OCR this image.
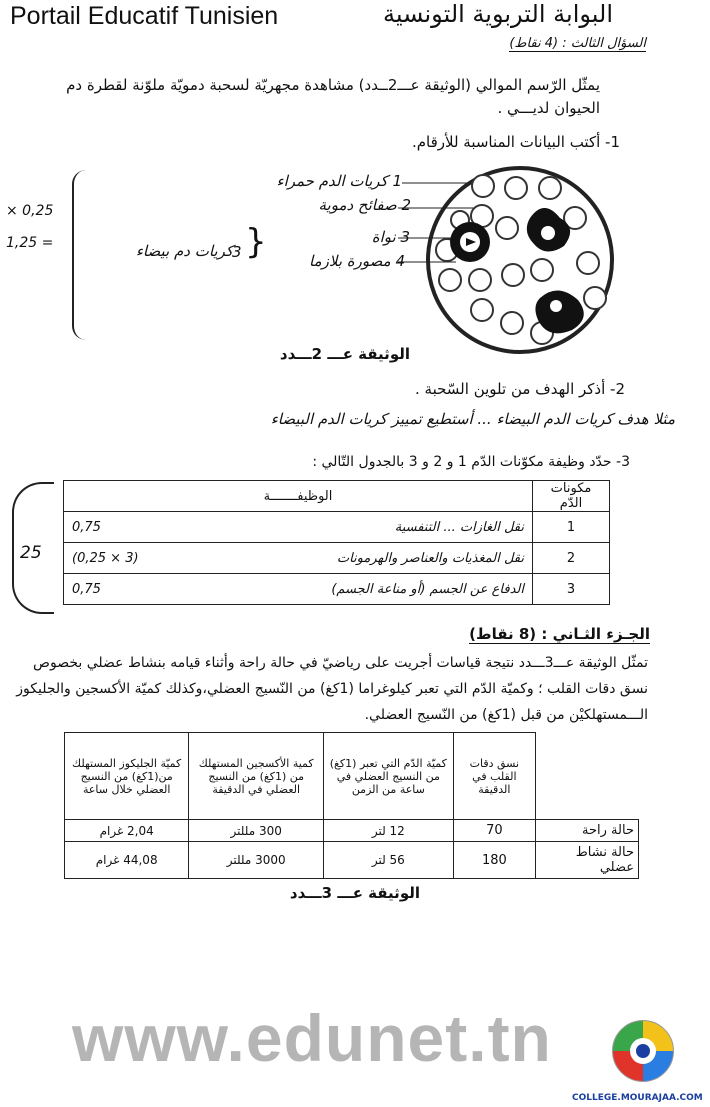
Portail Educatif Tunisien	البوابة التربوية التونسية
السؤال الثالث : (4 نقاط)
يمثّل الرّسم الموالي (الوثيقة عـــ2ــدد) مشاهدة مجهريّة لسحبة دمويّة ملوّنة لقطرة دم الحيوان لديـــي .
1- أكتب البيانات المناسبة للأرقام.
1 كريات الدم حمراء
2 صفائح دموية
3 نواة
4 مصورة بلازما
}
3
كريات دم بيضاء
× 0,25
1,25 =
الوثيقة عـــ 2ـــدد
2- أذكر الهدف من تلوين السّحبة .
مثلا هدف كريات الدم البيضاء ... أستطيع تمييز كريات الدم البيضاء
3- حدّد وظيفة مكوّنات الدّم 1 و 2 و 3 بالجدول التّالي :
25
مكونات الدّم	الوظيفـــــــة
1	نقل الغازات ... التنفسية
0,75

2	نقل المغذيات والعناصر والهرمونات
(3 × 0,25)

3	الدفاع عن الجسم (أو مناعة الجسم)
0,75
الجـزء الثـاني : (8 نقاط)
تمثّل الوثيقة عـــ3ـــدد نتيجة قياسات أجريت على رياضيّ في حالة راحة وأثناء قيامه بنشاط عضلي بخصوص نسق دقات القلب ؛ وكميّة الدّم التي تعبر كيلوغراما (1كغ) من النّسيج العضلي،وكذلك كميّة الأكسجين والجليكوز الـــمستهلكيْن من قبل (1كغ) من النّسيج العضلي.
	نسق دقات القلب في الدقيقة	كميّة الدّم التي تعبر (1كغ) من النسيج العضلي في ساعة من الزمن	كمية الأكسجين المستهلك من (1كغ) من النسيج العضلي في الدقيقة	كميّة الجليكوز المستهلك من(1كغ) من النسيج العضلي خلال ساعة
حالة راحة	70	12 لتر	300 مللتر	2,04 غرام
حالة نشاط عضلي	180	56 لتر	3000 مللتر	44,08 غرام
الوثيقة عـــ 3ـــدد
www.edunet.tn
COLLEGE.MOURAJAA.COM
